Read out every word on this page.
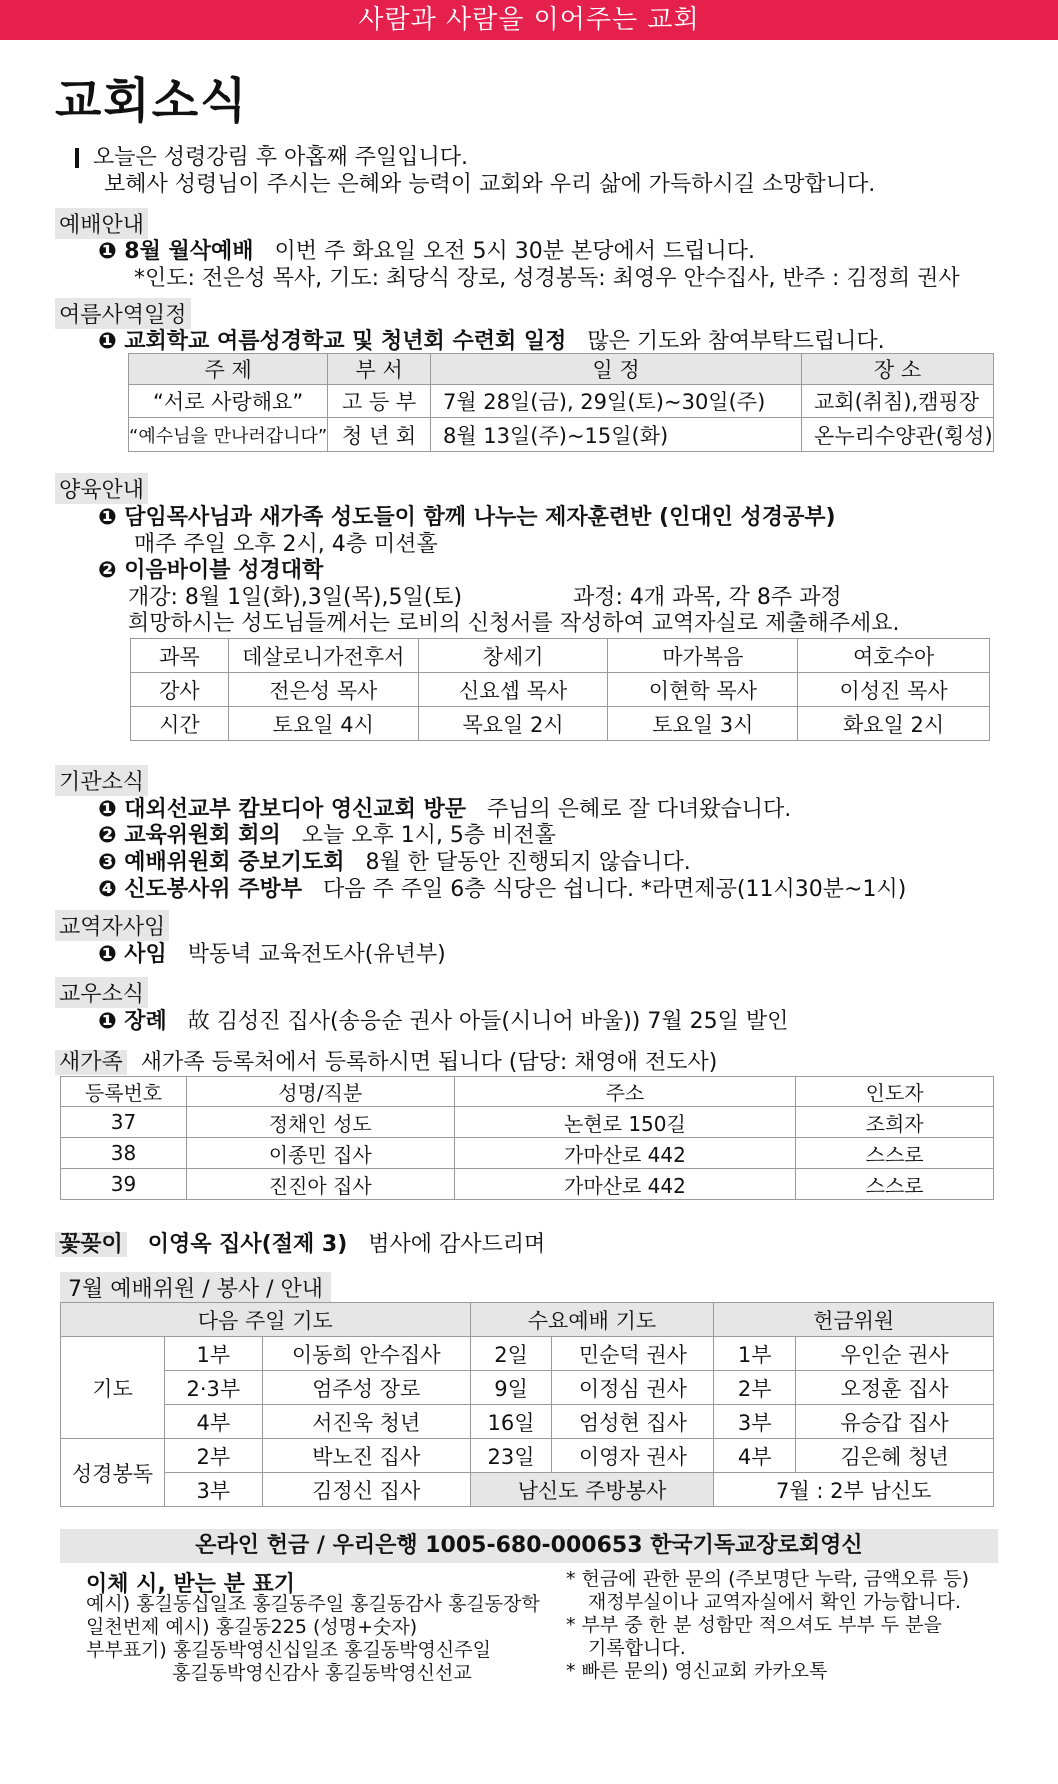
사람과 사람을 이어주는 교회
교회소식
오늘은 성령강림 후 아홉째 주일입니다.
보혜사 성령님이 주시는 은혜와 능력이 교회와 우리 삶에 가득하시길 소망합니다.
예배안내
❶ 8월 월삭예배 이번 주 화요일 오전 5시 30분 본당에서 드립니다.
*인도: 전은성 목사, 기도: 최당식 장로, 성경봉독: 최영우 안수집사, 반주 : 김정희 권사
여름사역일정
❶ 교회학교 여름성경학교 및 청년회 수련회 일정 많은 기도와 참여부탁드립니다.
주 제	부 서	일 정	장 소
“서로 사랑해요”	고 등 부	7월 28일(금), 29일(토)~30일(주)	교회(취침),캠핑장
“예수님을 만나러갑니다”	청 년 회	8월 13일(주)~15일(화)	온누리수양관(횡성)
양육안내
❶ 담임목사님과 새가족 성도들이 함께 나누는 제자훈련반 (인대인 성경공부)
매주 주일 오후 2시, 4층 미션홀
❷ 이음바이블 성경대학
개강: 8월 1일(화),3일(목),5일(토)	과정: 4개 과목, 각 8주 과정
희망하시는 성도님들께서는 로비의 신청서를 작성하여 교역자실로 제출해주세요.
과목	데살로니가전후서	창세기	마가복음	여호수아
강사	전은성 목사	신요셉 목사	이현학 목사	이성진 목사
시간	토요일 4시	목요일 2시	토요일 3시	화요일 2시
기관소식
❶ 대외선교부 캄보디아 영신교회 방문 주님의 은혜로 잘 다녀왔습니다.
❷ 교육위원회 회의 오늘 오후 1시, 5층 비전홀
❸ 예배위원회 중보기도회 8월 한 달동안 진행되지 않습니다.
❹ 신도봉사위 주방부 다음 주 주일 6층 식당은 쉽니다. *라면제공(11시30분~1시)
교역자사임
❶ 사임 박동녁 교육전도사(유년부)
교우소식
❶ 장례 故 김성진 집사(송응순 권사 아들(시니어 바울)) 7월 25일 발인
새가족 새가족 등록처에서 등록하시면 됩니다 (담당: 채영애 전도사)
등록번호	성명/직분	주소	인도자
37	정채인 성도	논현로 150길	조희자
38	이종민 집사	가마산로 442	스스로
39	진진아 집사	가마산로 442	스스로
꽃꽂이 이영옥 집사(절제 3) 범사에 감사드리며
7월 예배위원 / 봉사 / 안내
다음 주일 기도			수요예배 기도		헌금위원	
기도	1부	이동희 안수집사	2일	민순덕 권사	1부	우인순 권사
	2·3부	엄주성 장로	9일	이정심 권사	2부	오정훈 집사
	4부	서진욱 청년	16일	엄성현 집사	3부	유승갑 집사
성경봉독	2부	박노진 집사	23일	이영자 권사	4부	김은혜 청년
	3부	김정신 집사	남신도 주방봉사		7월 : 2부 남신도	
온라인 헌금 / 우리은행 1005-680-000653 한국기독교장로회영신
이체 시, 받는 분 표기
예시) 홍길동십일조 홍길동주일 홍길동감사 홍길동장학
일천번제 예시) 홍길동225 (성명+숫자)
부부표기) 홍길동박영신십일조 홍길동박영신주일
홍길동박영신감사 홍길동박영신선교
* 헌금에 관한 문의 (주보명단 누락, 금액오류 등)
재정부실이나 교역자실에서 확인 가능합니다.
* 부부 중 한 분 성함만 적으셔도 부부 두 분을
기록합니다.
* 빠른 문의) 영신교회 카카오톡
